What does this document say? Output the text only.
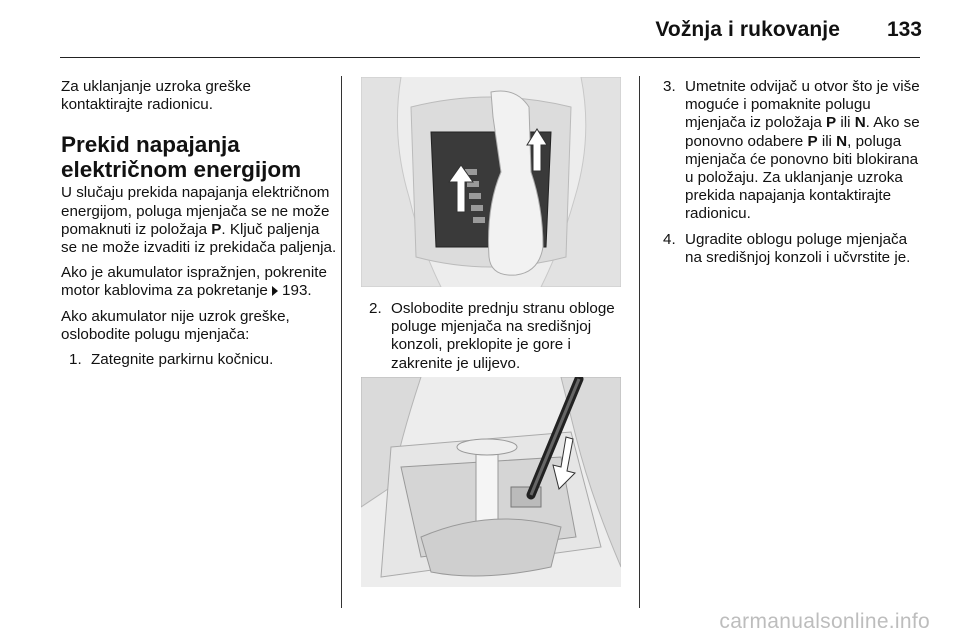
Vožnja i rukovanje 133
Za uklanjanje uzroka greške
kontaktirajte radionicu.
Prekid napajanja
električnom energijom

U slučaju prekida napajanja električnom energijom, poluga mjenjača se ne može pomaknuti iz položaja P. Ključ paljenja se ne može izvaditi iz prekidača paljenja.

Ako je akumulator ispražnjen, pokrenite motor kablovima za pokretanje 193.

Ako akumulator nije uzrok greške, oslobodite polugu mjenjača:

1. Zategnite parkirnu kočnicu.
2. Oslobodite prednju stranu obloge poluge mjenjača na središnjoj konzoli, preklopite je gore i zakrenite je ulijevo.
3. Umetnite odvijač u otvor što je više moguće i pomaknite polugu mjenjača iz položaja P ili N. Ako se ponovno odabere P ili N, poluga mjenjača će ponovno biti blokirana u položaju. Za uklanjanje uzroka prekida napajanja kontaktirajte radionicu.
4. Ugradite oblogu poluge mjenjača na središnjoj konzoli i učvrstite je.
carmanualsonline.info
